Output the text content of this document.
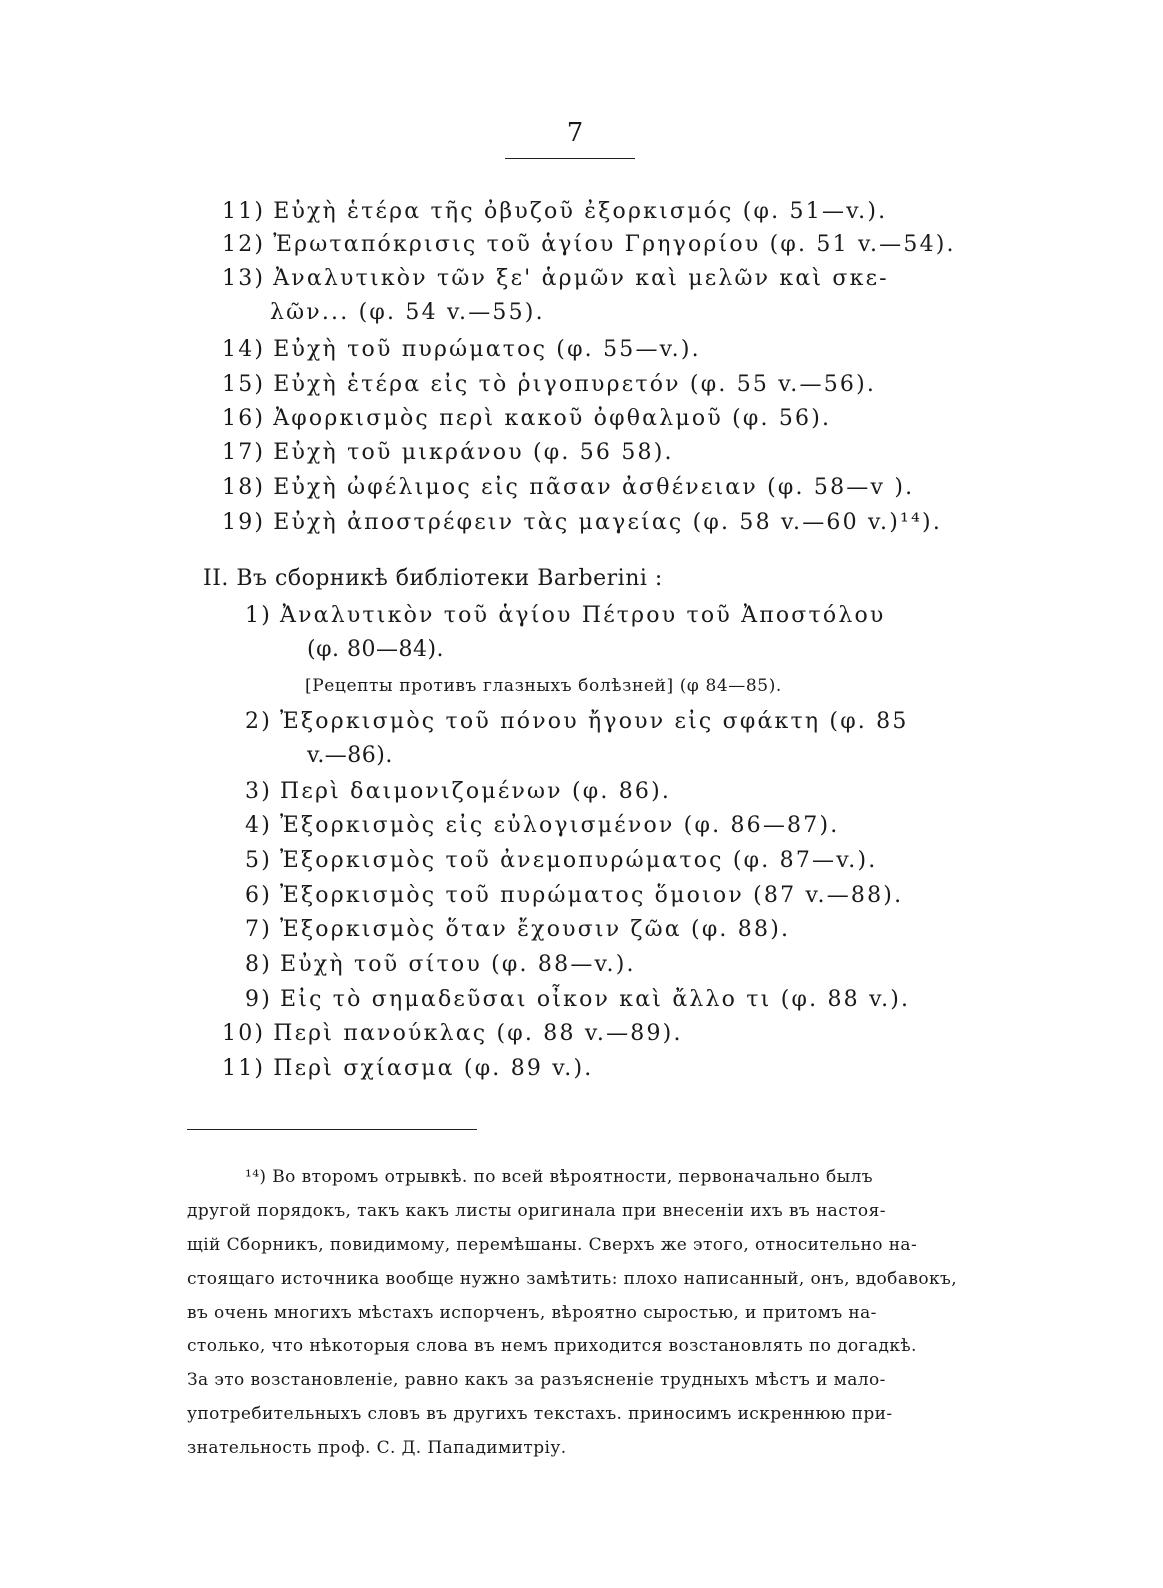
7
11) Εὐχὴ ἑτέρα τῆς ὀβυζοῦ ἐξορκισμός (φ. 51—v.).
12) Ἐρωταπόκρισις τοῦ ἁγίου Γρηγορίου (φ. 51 v.—54).
13) Ἀναλυτικὸν τῶν ξε' ἁρμῶν καὶ μελῶν καὶ σκε-
λῶν... (φ. 54 v.—55).
14) Εὐχὴ τοῦ πυρώματος (φ. 55—v.).
15) Εὐχὴ ἑτέρα εἰς τὸ ῥιγοπυρετόν (φ. 55 v.—56).
16) Ἀφορκισμὸς περὶ κακοῦ ὀφθαλμοῦ (φ. 56).
17) Εὐχὴ τοῦ μικράνου (φ. 56 58).
18) Εὐχὴ ὠφέλιμος εἰς πᾶσαν ἀσθένειαν (φ. 58—v ).
19) Εὐχὴ ἀποστρέφειν τὰς μαγείας (φ. 58 v.—60 v.)¹⁴).
II. Въ сборникѣ библіотеки Barberini :
1) Ἀναλυτικὸν τοῦ ἁγίου Πέτρου τοῦ Ἀποστόλου
(φ. 80—84).
[Рецепты противъ глазныхъ болѣзней] (φ 84—85).
2) Ἐξορκισμὸς τοῦ πόνου ἤγουν εἰς σφάκτη (φ. 85
v.—86).
3) Περὶ δαιμονιζομένων (φ. 86).
4) Ἐξορκισμὸς εἰς εὐλογισμένον (φ. 86—87).
5) Ἐξορκισμὸς τοῦ ἀνεμοπυρώματος (φ. 87—v.).
6) Ἐξορκισμὸς τοῦ πυρώματος ὅμοιον (87 v.—88).
7) Ἐξορκισμὸς ὅταν ἔχουσιν ζῶα (φ. 88).
8) Εὐχὴ τοῦ σίτου (φ. 88—v.).
9) Εἰς τὸ σημαδεῦσαι οἶκον καὶ ἄλλο τι (φ. 88 v.).
10) Περὶ πανούκλας (φ. 88 v.—89).
11) Περὶ σχίασμα (φ. 89 v.).
¹⁴) Во второмъ отрывкѣ. по всей вѣроятности, первоначально былъ
другой порядокъ, такъ какъ листы оригинала при внесеніи ихъ въ настоя-
щій Сборникъ, повидимому, перемѣшаны. Сверхъ же этого, относительно на-
стоящаго источника вообще нужно замѣтить: плохо написанный, онъ, вдобавокъ,
въ очень многихъ мѣстахъ испорченъ, вѣроятно сыростью, и притомъ на-
столько, что нѣкоторыя слова въ немъ приходится возстановлять по догадкѣ.
За это возстановленіе, равно какъ за разъясненіе трудныхъ мѣстъ и мало-
употребительныхъ словъ въ другихъ текстахъ. приносимъ искреннюю при-
знательность проф. С. Д. Пападимитріу.
